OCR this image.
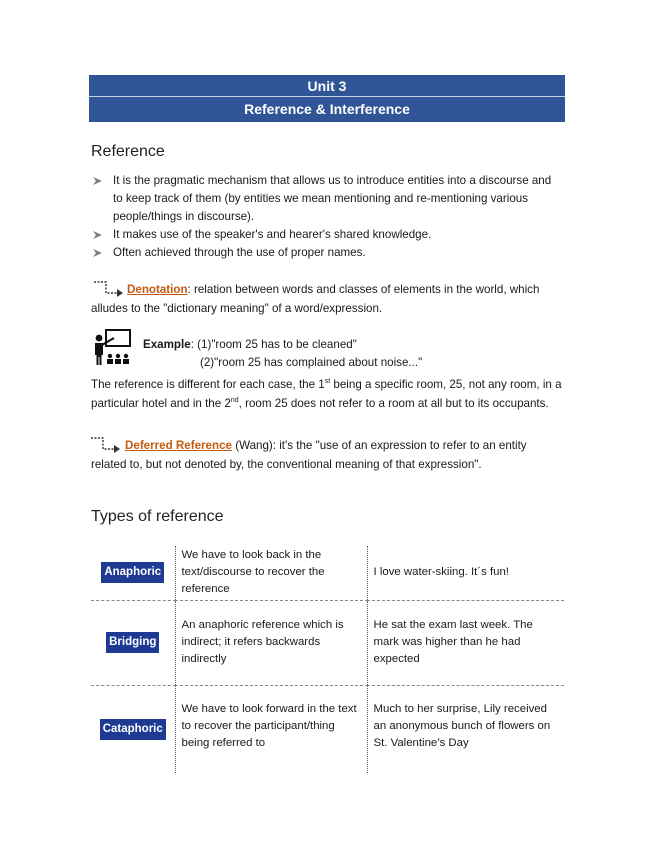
Unit 3
Reference & Interference
Reference
It is the pragmatic mechanism that allows us to introduce entities into a discourse and to keep track of them (by entities we mean mentioning and re-mentioning various people/things in discourse).
It makes use of the speaker's and hearer's shared knowledge.
Often achieved through the use of proper names.
Denotation: relation between words and classes of elements in the world, which alludes to the "dictionary meaning" of a word/expression.
Example: (1)"room 25 has to be cleaned"
(2)"room 25 has complained about noise..."
The reference is different for each case, the 1st being a specific room, 25, not any room, in a particular hotel and in the 2nd, room 25 does not refer to a room at all but to its occupants.
Deferred Reference (Wang): it's the "use of an expression to refer to an entity related to, but not denoted by, the conventional meaning of that expression".
Types of reference
Anaphoric	We have to look back in the text/discourse to recover the reference	I love water-skiing. It´s fun!
Bridging	An anaphoric reference which is indirect; it refers backwards indirectly	He sat the exam last week. The mark was higher than he had expected
Cataphoric	We have to look forward in the text to recover the participant/thing being referred to	Much to her surprise, Lily received an anonymous bunch of flowers on St. Valentine’s Day
